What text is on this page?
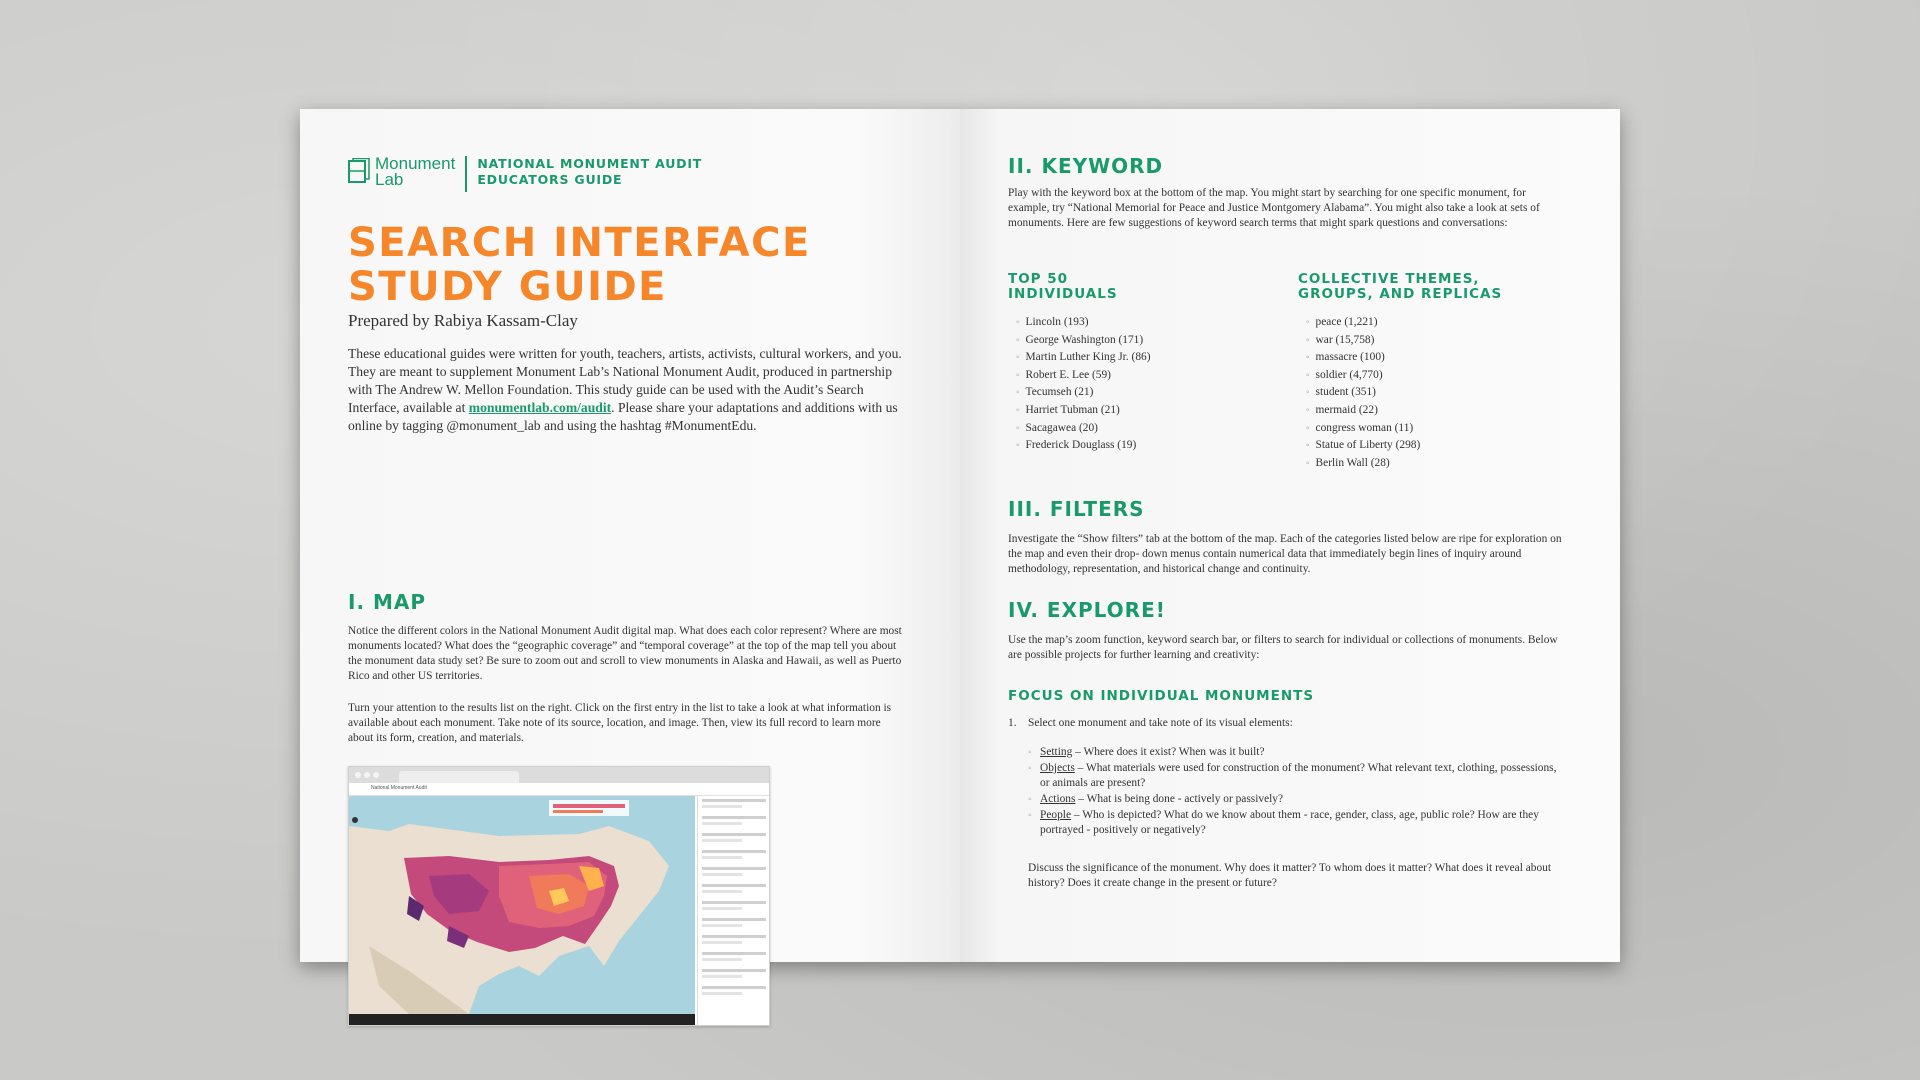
Monument
Lab
NATIONAL MONUMENT AUDIT
EDUCATORS GUIDE
SEARCH INTERFACE
STUDY GUIDE
Prepared by Rabiya Kassam-Clay
These educational guides were written for youth, teachers, artists, activists, cultural workers, and you. They are meant to supplement Monument Lab’s National Monument Audit, produced in partnership with The Andrew W. Mellon Foundation. This study guide can be used with the Audit’s Search Interface, available at monumentlab.com/audit. Please share your adaptations and additions with us online by tagging @monument_lab and using the hashtag #MonumentEdu.
I. MAP
Notice the different colors in the National Monument Audit digital map. What does each color represent? Where are most monuments located? What does the “geographic coverage” and “temporal coverage” at the top of the map tell you about the monument data study set? Be sure to zoom out and scroll to view monuments in Alaska and Hawaii, as well as Puerto Rico and other US territories.
Turn your attention to the results list on the right. Click on the first entry in the list to take a look at what information is available about each monument. Take note of its source, location, and image. Then, view its full record to learn more about its form, creation, and materials.
National Monument Audit
II. KEYWORD
Play with the keyword box at the bottom of the map. You might start by searching for one specific monument, for example, try “National Memorial for Peace and Justice Montgomery Alabama”. You might also take a look at sets of monuments. Here are few suggestions of keyword search terms that might spark questions and conversations:
TOP 50
INDIVIDUALS
◦ Lincoln (193)
◦ George Washington (171)
◦ Martin Luther King Jr. (86)
◦ Robert E. Lee (59)
◦ Tecumseh (21)
◦ Harriet Tubman (21)
◦ Sacagawea (20)
◦ Frederick Douglass (19)
COLLECTIVE THEMES,
GROUPS, AND REPLICAS
◦ peace (1,221)
◦ war (15,758)
◦ massacre (100)
◦ soldier (4,770)
◦ student (351)
◦ mermaid (22)
◦ congress woman (11)
◦ Statue of Liberty (298)
◦ Berlin Wall (28)
III. FILTERS
Investigate the “Show filters” tab at the bottom of the map. Each of the categories listed below are ripe for exploration on the map and even their drop- down menus contain numerical data that immediately begin lines of inquiry around methodology, representation, and historical change and continuity.
IV. EXPLORE!
Use the map’s zoom function, keyword search bar, or filters to search for individual or collections of monuments. Below are possible projects for further learning and creativity:
FOCUS ON INDIVIDUAL MONUMENTS
1.	Select one monument and take note of its visual elements:
◦ Setting – Where does it exist? When was it built?
◦ Objects – What materials were used for construction of the monument? What relevant text, clothing, possessions, or animals are present?
◦ Actions – What is being done - actively or passively?
◦ People – Who is depicted? What do we know about them - race, gender, class, age, public role? How are they portrayed - positively or negatively?
Discuss the significance of the monument. Why does it matter? To whom does it matter? What does it reveal about history? Does it create change in the present or future?
